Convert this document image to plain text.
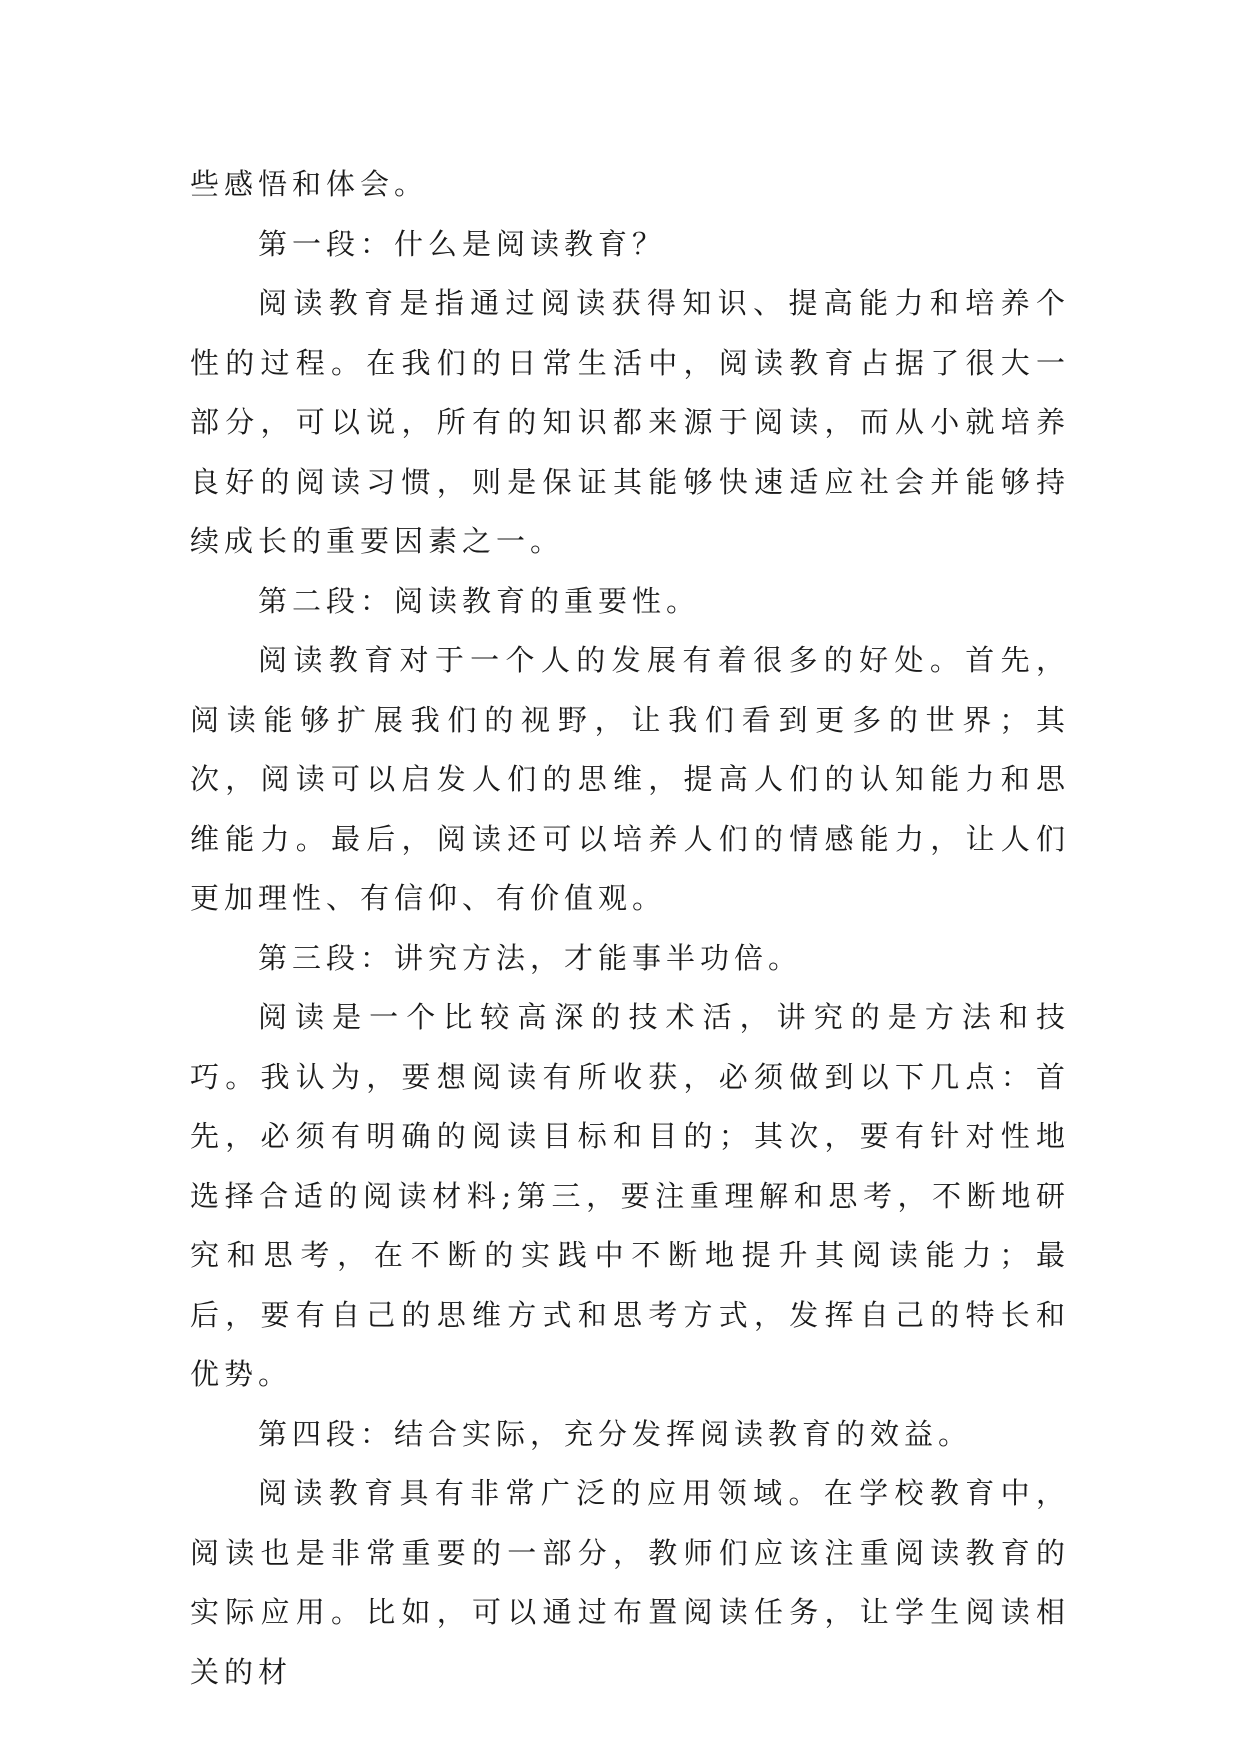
些感悟和体会。

第一段：什么是阅读教育？

阅读教育是指通过阅读获得知识、提高能力和培养个性的过程。在我们的日常生活中，阅读教育占据了很大一部分，可以说，所有的知识都来源于阅读，而从小就培养良好的阅读习惯，则是保证其能够快速适应社会并能够持续成长的重要因素之一。

第二段：阅读教育的重要性。

阅读教育对于一个人的发展有着很多的好处。首先，阅读能够扩展我们的视野，让我们看到更多的世界；其次，阅读可以启发人们的思维，提高人们的认知能力和思维能力。最后，阅读还可以培养人们的情感能力，让人们更加理性、有信仰、有价值观。

第三段：讲究方法，才能事半功倍。

阅读是一个比较高深的技术活，讲究的是方法和技巧。我认为，要想阅读有所收获，必须做到以下几点：首先，必须有明确的阅读目标和目的；其次，要有针对性地选择合适的阅读材料;第三，要注重理解和思考，不断地研究和思考，在不断的实践中不断地提升其阅读能力；最后，要有自己的思维方式和思考方式，发挥自己的特长和优势。

第四段：结合实际，充分发挥阅读教育的效益。

阅读教育具有非常广泛的应用领域。在学校教育中，阅读也是非常重要的一部分，教师们应该注重阅读教育的实际应用。比如，可以通过布置阅读任务，让学生阅读相关的材
